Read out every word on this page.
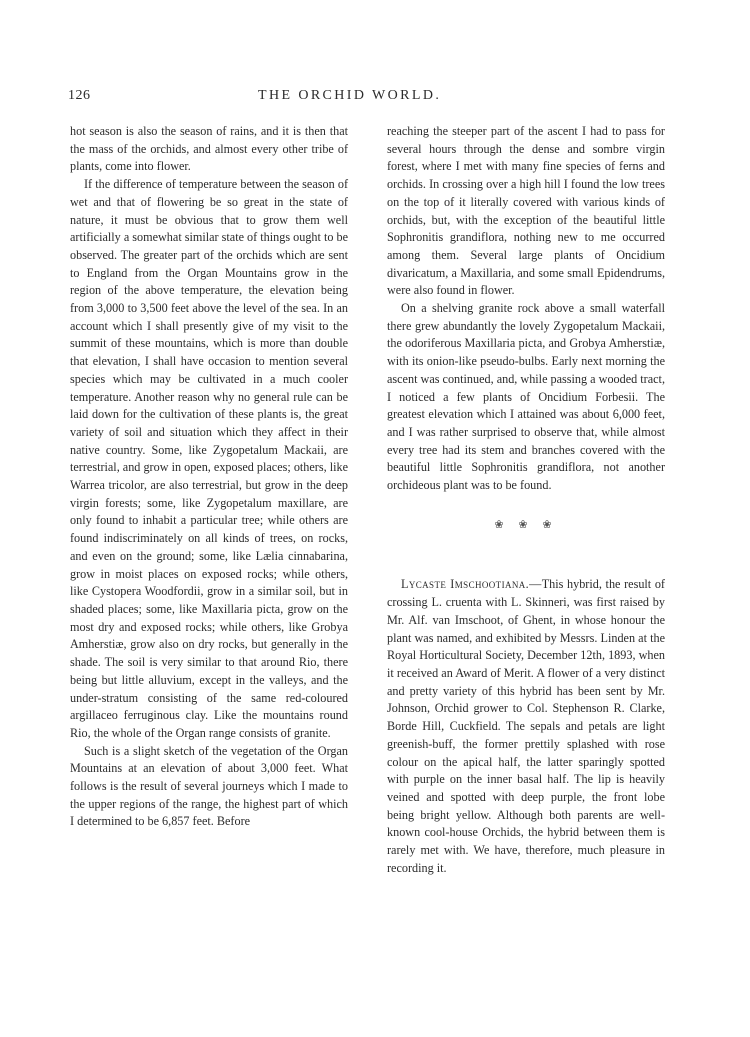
126	THE ORCHID WORLD.

hot season is also the season of rains, and it is then that the mass of the orchids, and almost every other tribe of plants, come into flower.

If the difference of temperature between the season of wet and that of flowering be so great in the state of nature, it must be obvious that to grow them well artificially a somewhat similar state of things ought to be observed. The greater part of the orchids which are sent to England from the Organ Mountains grow in the region of the above temperature, the elevation being from 3,000 to 3,500 feet above the level of the sea. In an account which I shall presently give of my visit to the summit of these mountains, which is more than double that elevation, I shall have occasion to mention several species which may be cultivated in a much cooler temperature. Another reason why no general rule can be laid down for the cultivation of these plants is, the great variety of soil and situation which they affect in their native country. Some, like Zygopetalum Mackaii, are terrestrial, and grow in open, exposed places; others, like Warrea tricolor, are also terrestrial, but grow in the deep virgin forests; some, like Zygopetalum maxillare, are only found to inhabit a particular tree; while others are found indiscriminately on all kinds of trees, on rocks, and even on the ground; some, like Lælia cinnabarina, grow in moist places on exposed rocks; while others, like Cystopera Woodfordii, grow in a similar soil, but in shaded places; some, like Maxillaria picta, grow on the most dry and exposed rocks; while others, like Grobya Amherstiæ, grow also on dry rocks, but generally in the shade. The soil is very similar to that around Rio, there being but little alluvium, except in the valleys, and the under-stratum consisting of the same red-coloured argillaceo ferruginous clay. Like the mountains round Rio, the whole of the Organ range consists of granite.

Such is a slight sketch of the vegetation of the Organ Mountains at an elevation of about 3,000 feet. What follows is the result of several journeys which I made to the upper regions of the range, the highest part of which I determined to be 6,857 feet. Before

reaching the steeper part of the ascent I had to pass for several hours through the dense and sombre virgin forest, where I met with many fine species of ferns and orchids. In crossing over a high hill I found the low trees on the top of it literally covered with various kinds of orchids, but, with the exception of the beautiful little Sophronitis grandiflora, nothing new to me occurred among them. Several large plants of Oncidium divaricatum, a Maxillaria, and some small Epidendrums, were also found in flower.

On a shelving granite rock above a small waterfall there grew abundantly the lovely Zygopetalum Mackaii, the odoriferous Maxillaria picta, and Grobya Amherstiæ, with its onion-like pseudo-bulbs. Early next morning the ascent was continued, and, while passing a wooded tract, I noticed a few plants of Oncidium Forbesii. The greatest elevation which I attained was about 6,000 feet, and I was rather surprised to observe that, while almost every tree had its stem and branches covered with the beautiful little Sophronitis grandiflora, not another orchideous plant was to be found.

❀ ❀ ❀

Lycaste Imschootiana.—This hybrid, the result of crossing L. cruenta with L. Skinneri, was first raised by Mr. Alf. van Imschoot, of Ghent, in whose honour the plant was named, and exhibited by Messrs. Linden at the Royal Horticultural Society, December 12th, 1893, when it received an Award of Merit. A flower of a very distinct and pretty variety of this hybrid has been sent by Mr. Johnson, Orchid grower to Col. Stephenson R. Clarke, Borde Hill, Cuckfield. The sepals and petals are light greenish-buff, the former prettily splashed with rose colour on the apical half, the latter sparingly spotted with purple on the inner basal half. The lip is heavily veined and spotted with deep purple, the front lobe being bright yellow. Although both parents are well-known cool-house Orchids, the hybrid between them is rarely met with. We have, therefore, much pleasure in recording it.
